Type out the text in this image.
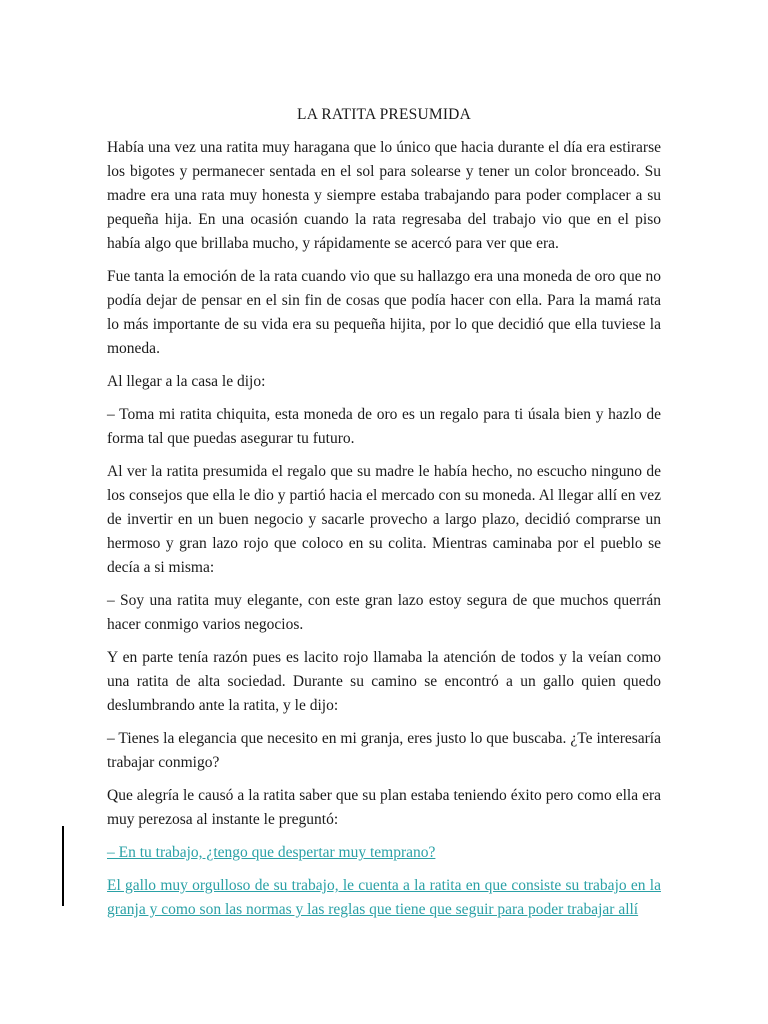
LA RATITA PRESUMIDA

Había una vez una ratita muy haragana que lo único que hacia durante el día era estirarse los bigotes y permanecer sentada en el sol para solearse y tener un color bronceado. Su madre era una rata muy honesta y siempre estaba trabajando para poder complacer a su pequeña hija. En una ocasión cuando la rata regresaba del trabajo vio que en el piso había algo que brillaba mucho, y rápidamente se acercó para ver que era.

Fue tanta la emoción de la rata cuando vio que su hallazgo era una moneda de oro que no podía dejar de pensar en el sin fin de cosas que podía hacer con ella. Para la mamá rata lo más importante de su vida era su pequeña hijita, por lo que decidió que ella tuviese la moneda.

Al llegar a la casa le dijo:

– Toma mi ratita chiquita, esta moneda de oro es un regalo para ti úsala bien y hazlo de forma tal que puedas asegurar tu futuro.

Al ver la ratita presumida el regalo que su madre le había hecho, no escucho ninguno de los consejos que ella le dio y partió hacia el mercado con su moneda. Al llegar allí en vez de invertir en un buen negocio y sacarle provecho a largo plazo, decidió comprarse un hermoso y gran lazo rojo que coloco en su colita. Mientras caminaba por el pueblo se decía a si misma:

– Soy una ratita muy elegante, con este gran lazo estoy segura de que muchos querrán hacer conmigo varios negocios.

Y en parte tenía razón pues es lacito rojo llamaba la atención de todos y la veían como una ratita de alta sociedad. Durante su camino se encontró a un gallo quien quedo deslumbrando ante la ratita, y le dijo:

– Tienes la elegancia que necesito en mi granja, eres justo lo que buscaba. ¿Te interesaría trabajar conmigo?

Que alegría le causó a la ratita saber que su plan estaba teniendo éxito pero como ella era muy perezosa al instante le preguntó:

– En tu trabajo, ¿tengo que despertar muy temprano?

El gallo muy orgulloso de su trabajo, le cuenta a la ratita en que consiste su trabajo en la granja y como son las normas y las reglas que tiene que seguir para poder trabajar allí
